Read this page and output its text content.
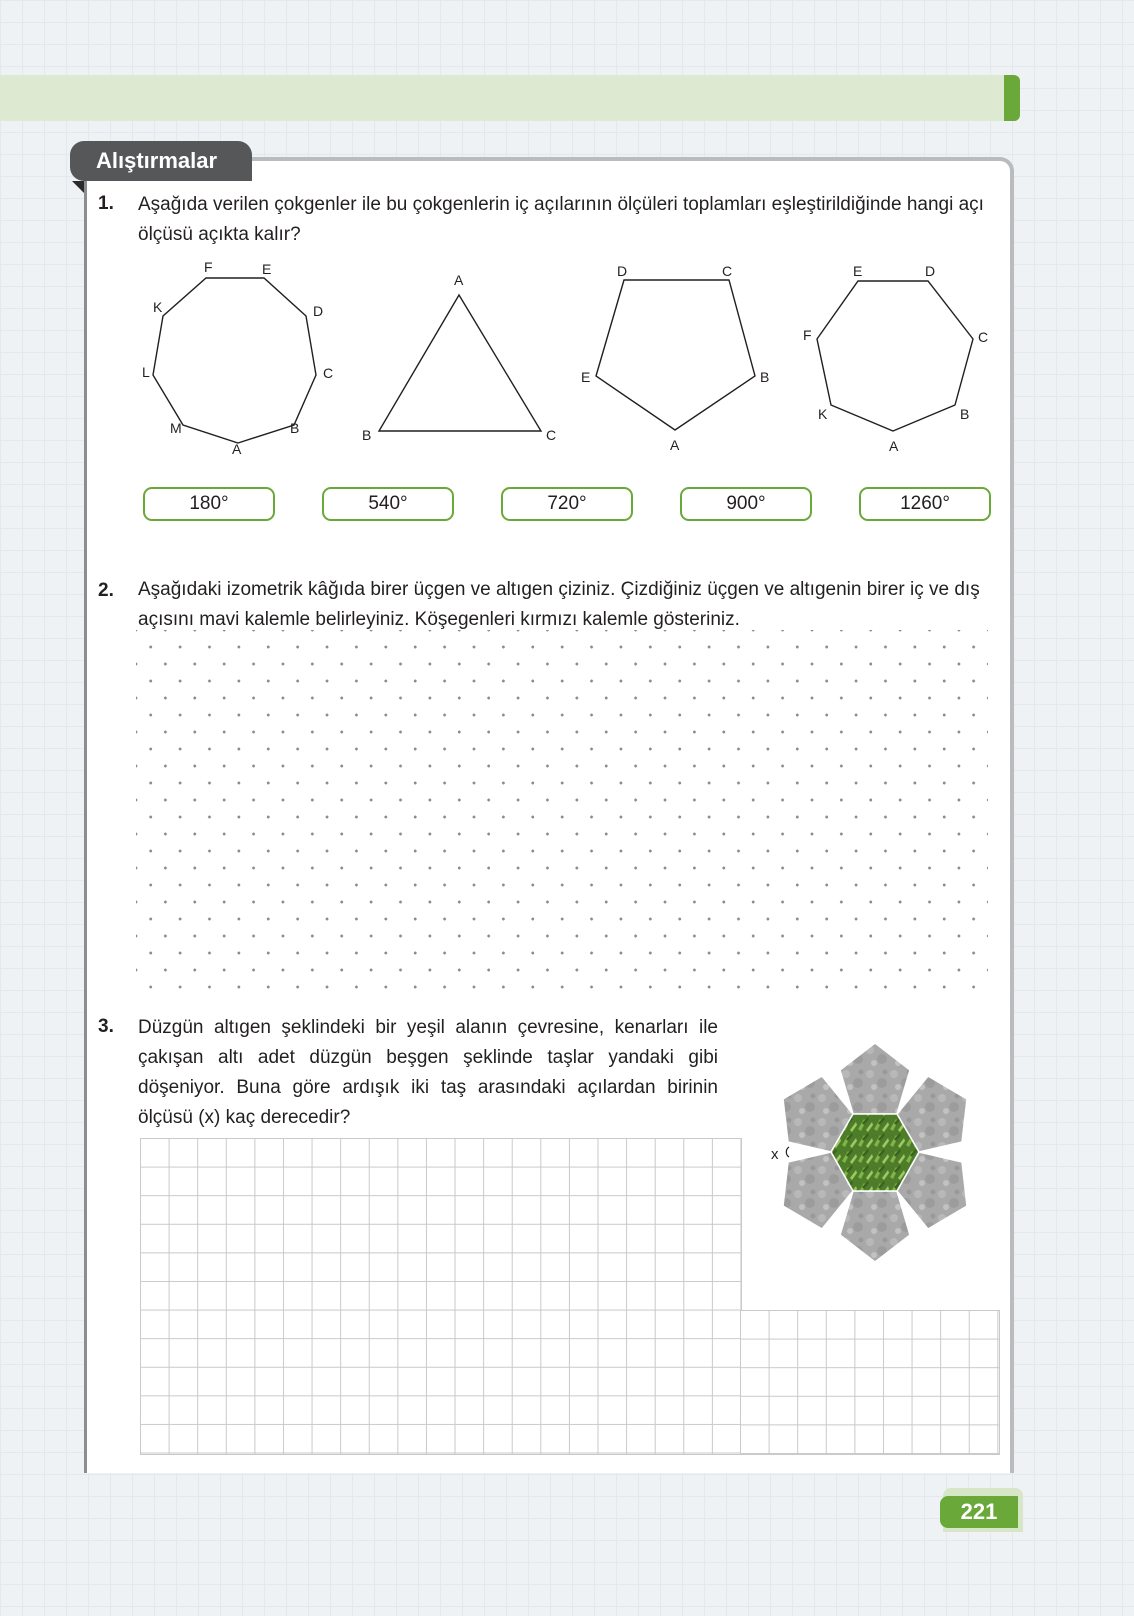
Alıştırmalar
1. Aşağıda verilen çokgenler ile bu çokgenlerin iç açılarının ölçüleri toplamları eşleştirildiğinde hangi açı ölçüsü açıkta kalır?
A
B
C
D
E
F
K
L
M
A
B	C
A
B
C
D
E
A
B
C
D
E
F
K
180°	540°	720°	900°	1260°
2. Aşağıdaki izometrik kâğıda birer üçgen ve altıgen çiziniz. Çizdiğiniz üçgen ve altıgenin birer iç ve dış açısını mavi kalemle belirleyiniz. Köşegenleri kırmızı kalemle gösteriniz.
3. Düzgün altıgen şeklindeki bir yeşil alanın çevresine, kenarları ile çakışan altı adet düzgün beşgen şeklinde taşlar yandaki gibi döşeniyor. Buna göre ardışık iki taş arasındaki açılardan birinin ölçüsü (x) kaç derecedir?
x
221
